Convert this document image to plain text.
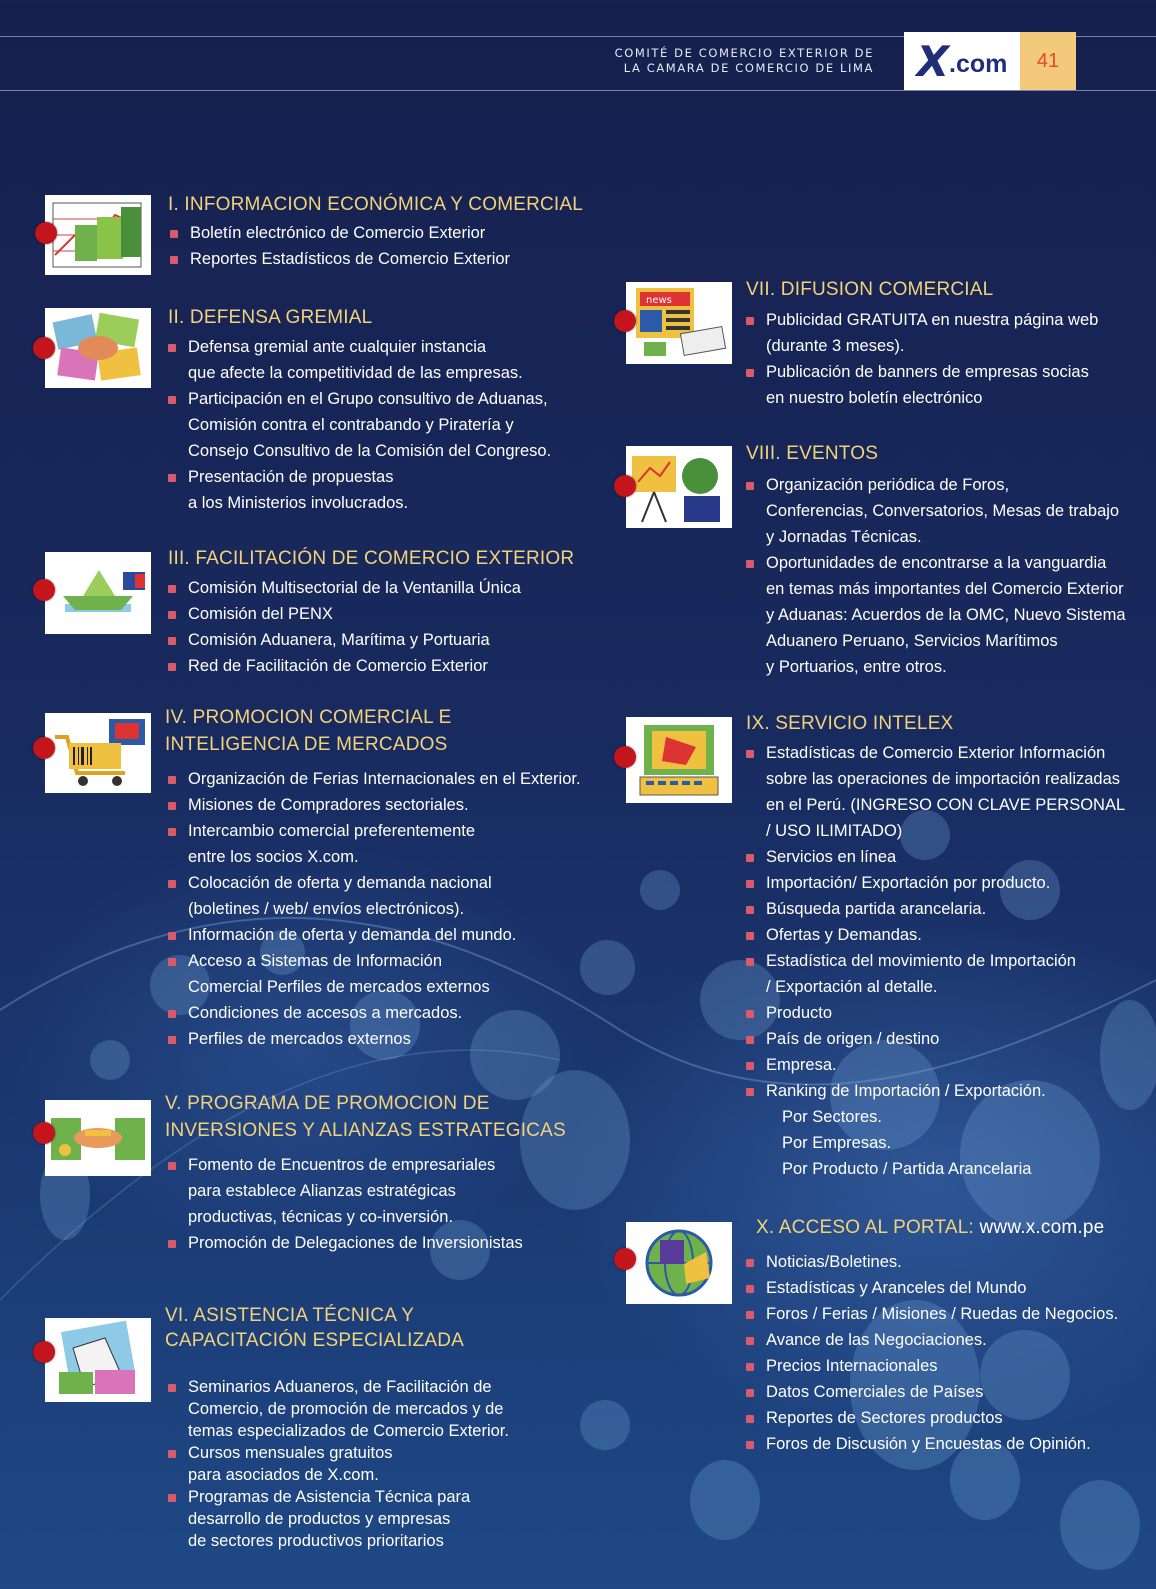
COMITÉ DE COMERCIO EXTERIOR DE
LA CAMARA DE COMERCIO DE LIMA X .com	41
I. INFORMACION ECONÓMICA Y COMERCIAL
Boletín electrónico de Comercio Exterior
Reportes Estadísticos de Comercio Exterior
II. DEFENSA GREMIAL
Defensa gremial ante cualquier instancia
que afecte la competitividad de las empresas.
Participación en el Grupo consultivo de Aduanas,
Comisión contra el contrabando y Piratería y
Consejo Consultivo de la Comisión del Congreso.
Presentación de propuestas
a los Ministerios involucrados.
III. FACILITACIÓN DE COMERCIO EXTERIOR
Comisión Multisectorial de la Ventanilla Única
Comisión del PENX
Comisión Aduanera, Marítima y Portuaria
Red de Facilitación de Comercio Exterior
IV. PROMOCION COMERCIAL E
INTELIGENCIA DE MERCADOS
Organización de Ferias Internacionales en el Exterior.
Misiones de Compradores sectoriales.
Intercambio comercial preferentemente
entre los socios X.com.
Colocación de oferta y demanda nacional
(boletines / web/ envíos electrónicos).
Información de oferta y demanda del mundo.
Acceso a Sistemas de Información
Comercial Perfiles de mercados externos
Condiciones de accesos a mercados.
Perfiles de mercados externos
V. PROGRAMA DE PROMOCION DE
INVERSIONES Y ALIANZAS ESTRATEGICAS
Fomento de Encuentros de empresariales
para establece Alianzas estratégicas
productivas, técnicas y co-inversión.
Promoción de Delegaciones de Inversionistas
VI. ASISTENCIA TÉCNICA Y
CAPACITACIÓN ESPECIALIZADA
Seminarios Aduaneros, de Facilitación de
Comercio, de promoción de mercados y de
temas especializados de Comercio Exterior.
Cursos mensuales gratuitos
para asociados de X.com.
Programas de Asistencia Técnica para
desarrollo de productos y empresas
de sectores productivos prioritarios
news
VII. DIFUSION COMERCIAL
Publicidad GRATUITA en nuestra página web
(durante 3 meses).
Publicación de banners de empresas socias
en nuestro boletín electrónico
VIII. EVENTOS
Organización periódica de Foros,
Conferencias, Conversatorios, Mesas de trabajo
y Jornadas Técnicas.
Oportunidades de encontrarse a la vanguardia
en temas más importantes del Comercio Exterior
y Aduanas: Acuerdos de la OMC, Nuevo Sistema
Aduanero Peruano, Servicios Marítimos
y Portuarios, entre otros.
IX. SERVICIO INTELEX
Estadísticas de Comercio Exterior Información
sobre las operaciones de importación realizadas
en el Perú. (INGRESO CON CLAVE PERSONAL
/ USO ILIMITADO)
Servicios en línea
Importación/ Exportación por producto.
Búsqueda partida arancelaria.
Ofertas y Demandas.
Estadística del movimiento de Importación
/ Exportación al detalle.
Producto
País de origen / destino
Empresa.
Ranking de Importación / Exportación.
Por Sectores.
Por Empresas.
Por Producto / Partida Arancelaria
X. ACCESO AL PORTAL: www.x.com.pe
Noticias/Boletines.
Estadísticas y Aranceles del Mundo
Foros / Ferias / Misiones / Ruedas de Negocios.
Avance de las Negociaciones.
Precios Internacionales
Datos Comerciales de Países
Reportes de Sectores productos
Foros de Discusión y Encuestas de Opinión.
